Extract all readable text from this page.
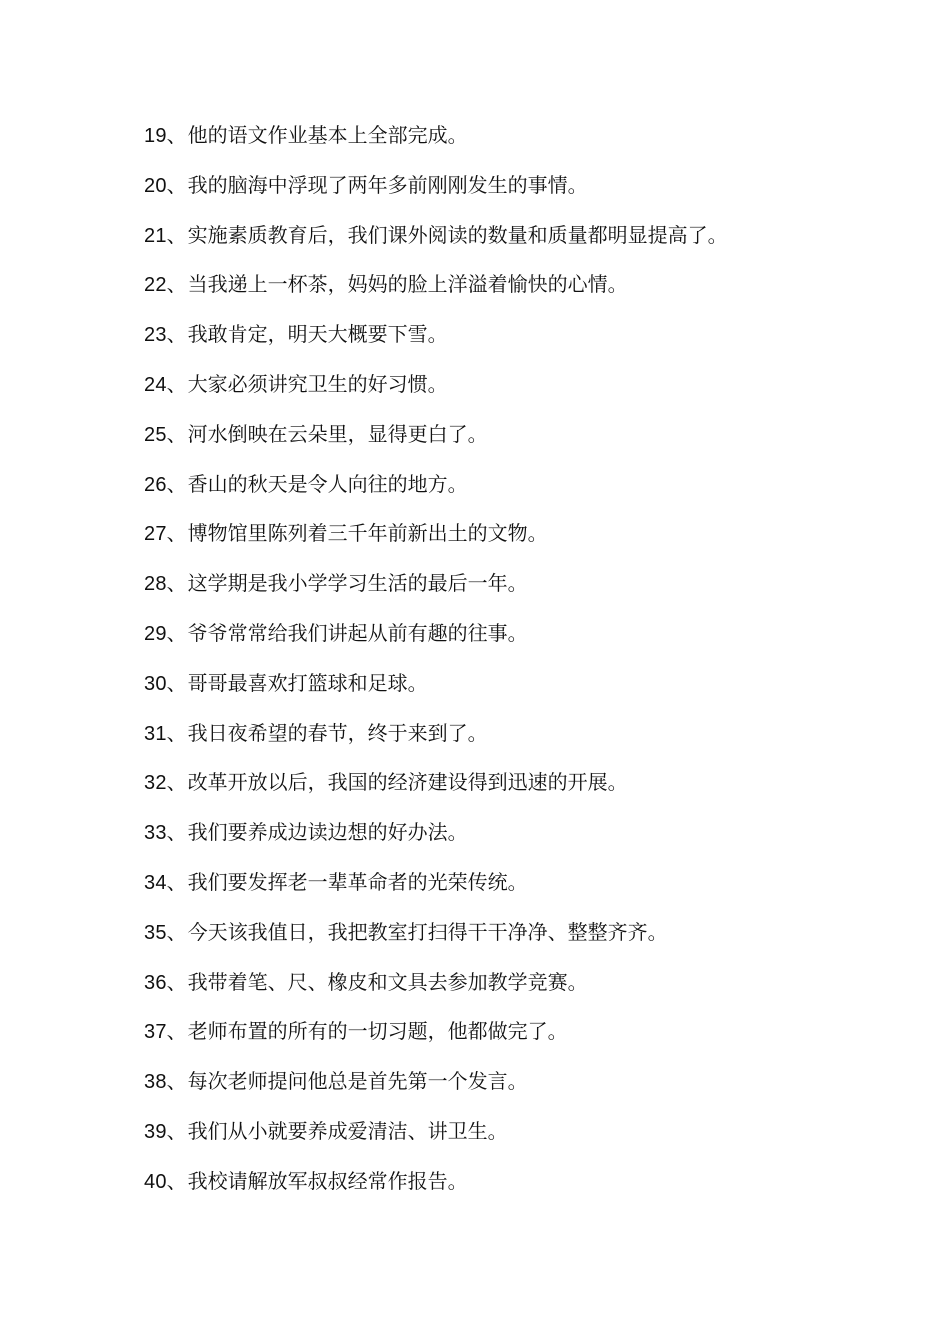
19、他的语文作业基本上全部完成。
20、我的脑海中浮现了两年多前刚刚发生的事情。
21、实施素质教育后，我们课外阅读的数量和质量都明显提高了。
22、当我递上一杯茶，妈妈的脸上洋溢着愉快的心情。
23、我敢肯定，明天大概要下雪。
24、大家必须讲究卫生的好习惯。
25、河水倒映在云朵里，显得更白了。
26、香山的秋天是令人向往的地方。
27、博物馆里陈列着三千年前新出土的文物。
28、这学期是我小学学习生活的最后一年。
29、爷爷常常给我们讲起从前有趣的往事。
30、哥哥最喜欢打篮球和足球。
31、我日夜希望的春节，终于来到了。
32、改革开放以后，我国的经济建设得到迅速的开展。
33、我们要养成边读边想的好办法。
34、我们要发挥老一辈革命者的光荣传统。
35、今天该我值日，我把教室打扫得干干净净、整整齐齐。
36、我带着笔、尺、橡皮和文具去参加教学竞赛。
37、老师布置的所有的一切习题，他都做完了。
38、每次老师提问他总是首先第一个发言。
39、我们从小就要养成爱清洁、讲卫生。
40、我校请解放军叔叔经常作报告。
